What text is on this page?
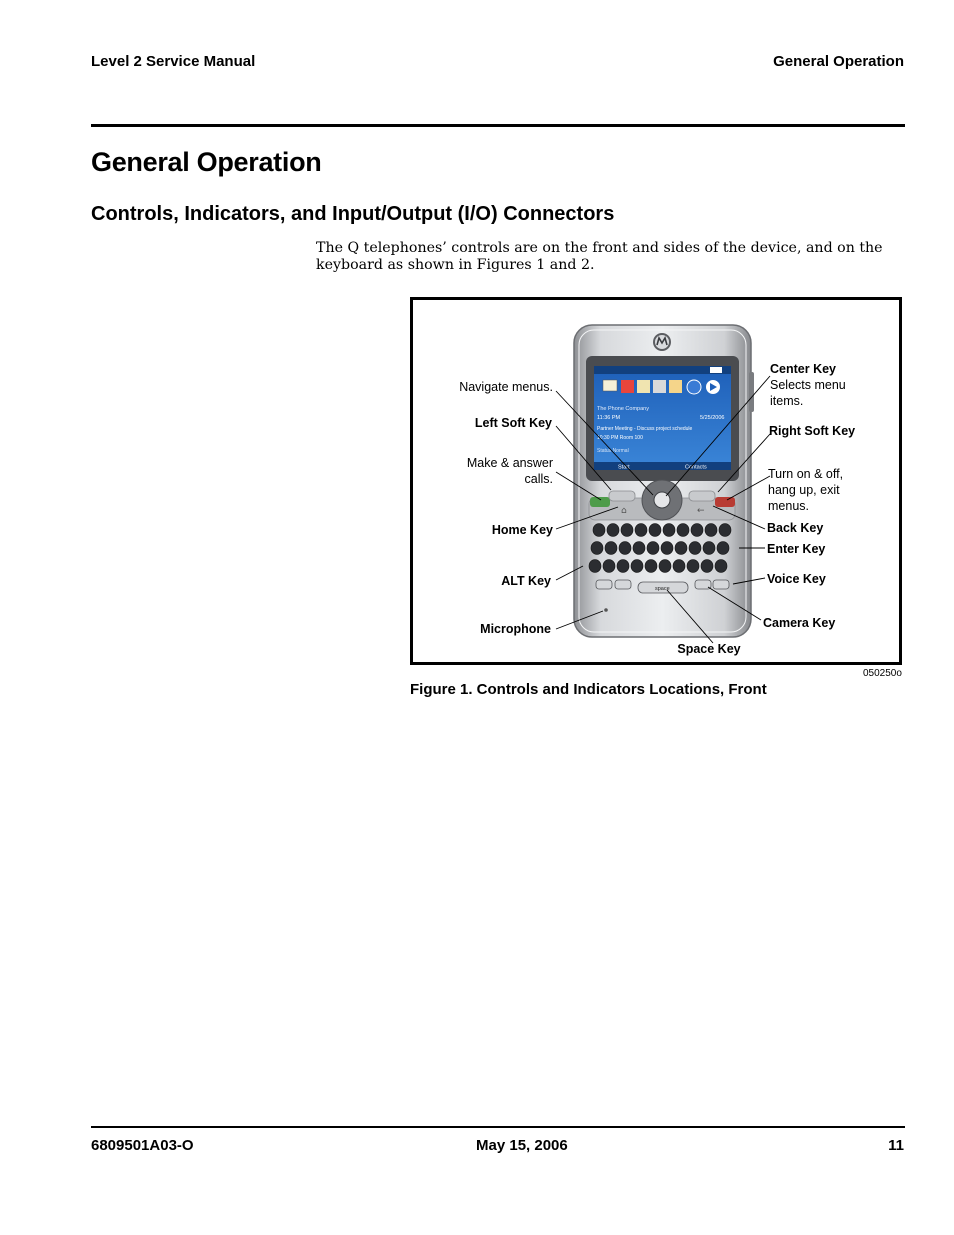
Level 2 Service Manual	General Operation
General Operation
Controls, Indicators, and Input/Output (I/O) Connectors

The Q telephones’ controls are on the front and sides of the device, and on the keyboard as shown in Figures 1 and 2.

The Phone Company
11:36 PM	5/25/2006
Partner Meeting - Discuss project schedule
10:30 PM Room 100
Status Normal
Start	Contacts
⌂	←
space
Navigate menus.
Left Soft Key
Make & answer
calls.
Home Key
ALT Key
Microphone
Space Key
Center Key
Selects menu
items.
Right Soft Key
Turn on & off,
hang up, exit
menus.
Back Key
Enter Key
Voice Key
Camera Key
050250o
Figure 1. Controls and Indicators Locations, Front
6809501A03-O	May 15, 2006	11
